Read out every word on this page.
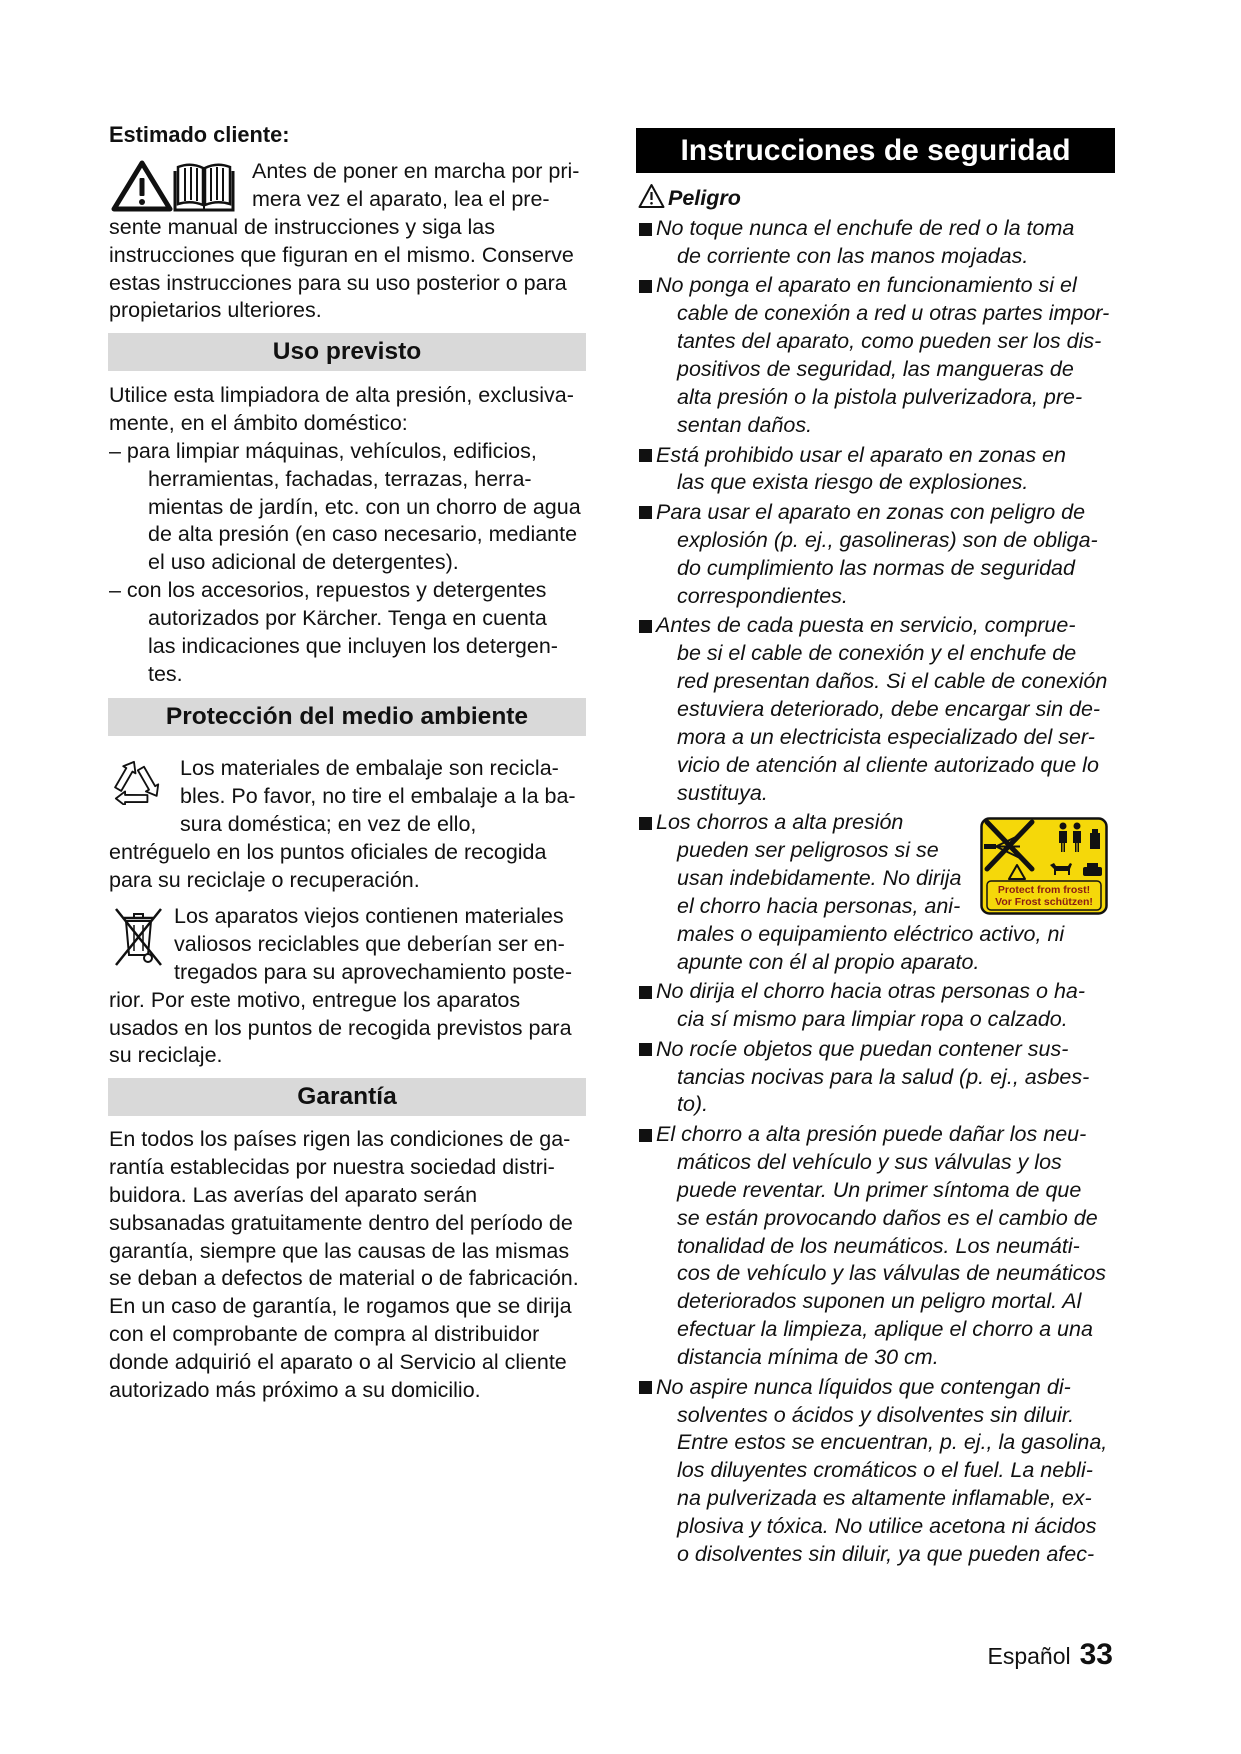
Estimado cliente:
Antes de poner en marcha por pri-
mera vez el aparato, lea el pre-
sente manual de instrucciones y siga las
instrucciones que figuran en el mismo. Conserve
estas instrucciones para su uso posterior o para
propietarios ulteriores.
Uso previsto
Utilice esta limpiadora de alta presión, exclusiva-
mente, en el ámbito doméstico:
– para limpiar máquinas, vehículos, edificios,
herramientas, fachadas, terrazas, herra-
mientas de jardín, etc. con un chorro de agua
de alta presión (en caso necesario, mediante
el uso adicional de detergentes).
– con los accesorios, repuestos y detergentes
autorizados por Kärcher. Tenga en cuenta
las indicaciones que incluyen los detergen-
tes.
Protección del medio ambiente
Los materiales de embalaje son recicla-
bles. Po favor, no tire el embalaje a la ba-
sura doméstica; en vez de ello,
entréguelo en los puntos oficiales de recogida
para su reciclaje o recuperación.
Los aparatos viejos contienen materiales
valiosos reciclables que deberían ser en-
tregados para su aprovechamiento poste-
rior. Por este motivo, entregue los aparatos
usados en los puntos de recogida previstos para
su reciclaje.
Garantía
En todos los países rigen las condiciones de ga-
rantía establecidas por nuestra sociedad distri-
buidora. Las averías del aparato serán
subsanadas gratuitamente dentro del período de
garantía, siempre que las causas de las mismas
se deban a defectos de material o de fabricación.
En un caso de garantía, le rogamos que se dirija
con el comprobante de compra al distribuidor
donde adquirió el aparato o al Servicio al cliente
autorizado más próximo a su domicilio.
Instrucciones de seguridad
Peligro
No toque nunca el enchufe de red o la toma
de corriente con las manos mojadas.
No ponga el aparato en funcionamiento si el
cable de conexión a red u otras partes impor-
tantes del aparato, como pueden ser los dis-
positivos de seguridad, las mangueras de
alta presión o la pistola pulverizadora, pre-
sentan daños.
Está prohibido usar el aparato en zonas en
las que exista riesgo de explosiones.
Para usar el aparato en zonas con peligro de
explosión (p. ej., gasolineras) son de obliga-
do cumplimiento las normas de seguridad
correspondientes.
Antes de cada puesta en servicio, comprue-
be si el cable de conexión y el enchufe de
red presentan daños. Si el cable de conexión
estuviera deteriorado, debe encargar sin de-
mora a un electricista especializado del ser-
vicio de atención al cliente autorizado que lo
sustituya.
Los chorros a alta presión
pueden ser peligrosos si se
usan indebidamente. No dirija
el chorro hacia personas, ani-
males o equipamiento eléctrico activo, ni
apunte con él al propio aparato.
No dirija el chorro hacia otras personas o ha-
cia sí mismo para limpiar ropa o calzado.
No rocíe objetos que puedan contener sus-
tancias nocivas para la salud (p. ej., asbes-
to).
El chorro a alta presión puede dañar los neu-
máticos del vehículo y sus válvulas y los
puede reventar. Un primer síntoma de que
se están provocando daños es el cambio de
tonalidad de los neumáticos. Los neumáti-
cos de vehículo y las válvulas de neumáticos
deteriorados suponen un peligro mortal. Al
efectuar la limpieza, aplique el chorro a una
distancia mínima de 30 cm.
No aspire nunca líquidos que contengan di-
solventes o ácidos y disolventes sin diluir.
Entre estos se encuentran, p. ej., la gasolina,
los diluyentes cromáticos o el fuel. La nebli-
na pulverizada es altamente inflamable, ex-
plosiva y tóxica. No utilice acetona ni ácidos
o disolventes sin diluir, ya que pueden afec-
Protect from frost!
Vor Frost schützen!
Español 33
